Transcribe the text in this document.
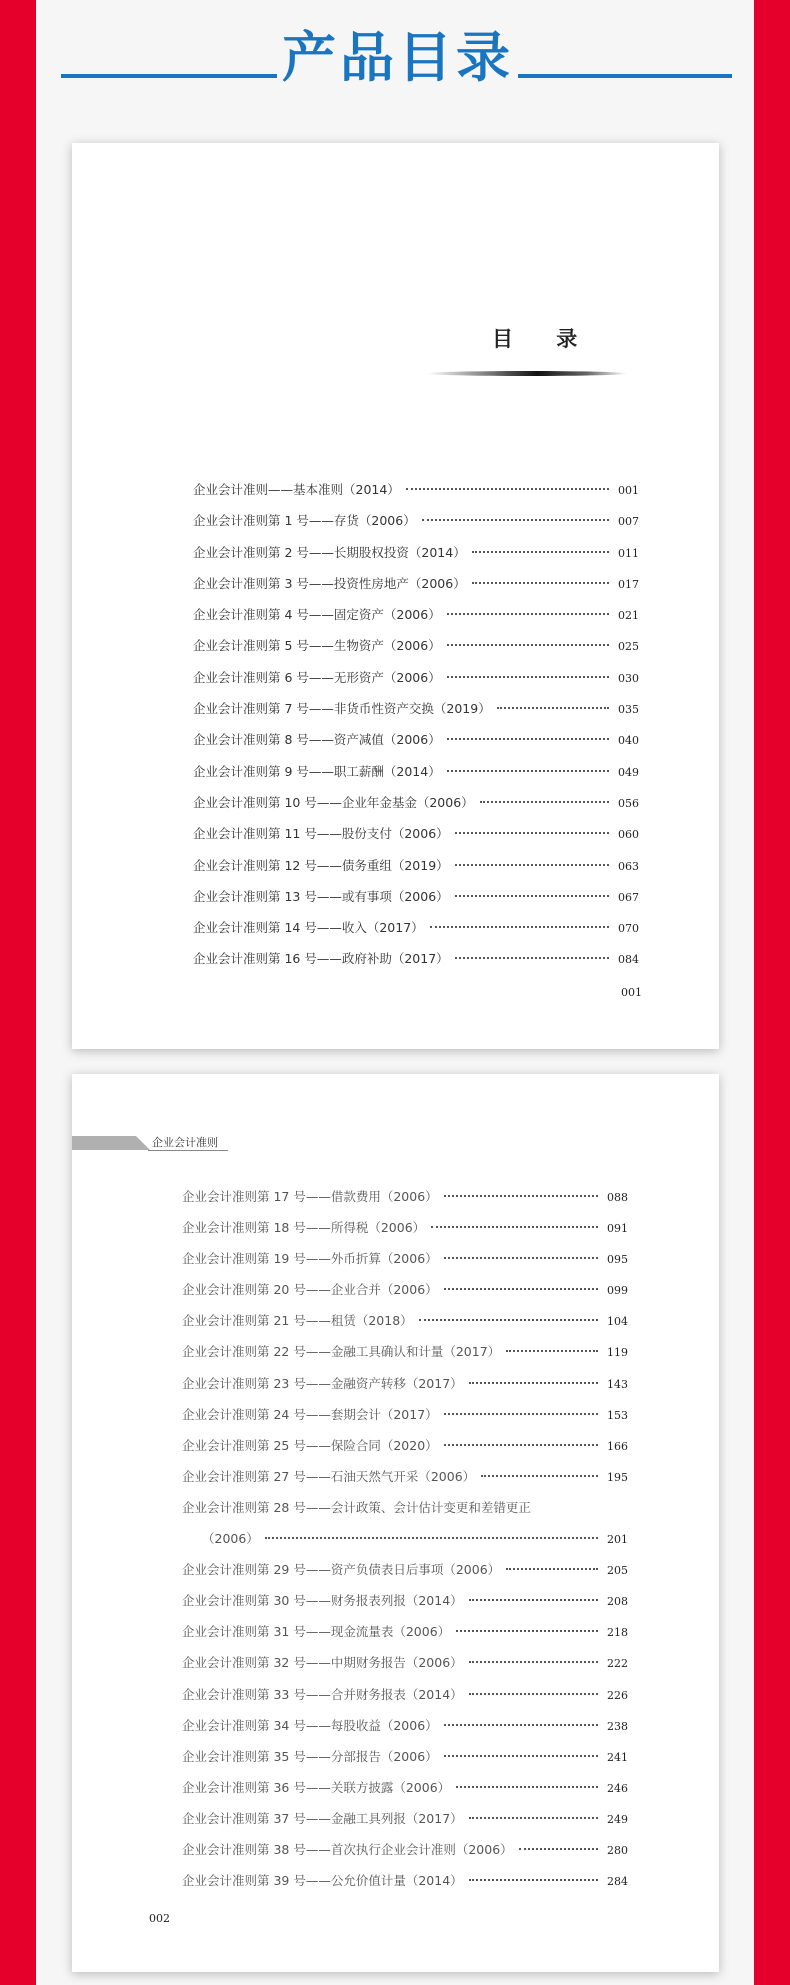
产品目录
目 录
企业会计准则——基本准则（2014）	001
企业会计准则第 1 号——存货（2006）	007
企业会计准则第 2 号——长期股权投资（2014）	011
企业会计准则第 3 号——投资性房地产（2006）	017
企业会计准则第 4 号——固定资产（2006）	021
企业会计准则第 5 号——生物资产（2006）	025
企业会计准则第 6 号——无形资产（2006）	030
企业会计准则第 7 号——非货币性资产交换（2019）	035
企业会计准则第 8 号——资产减值（2006）	040
企业会计准则第 9 号——职工薪酬（2014）	049
企业会计准则第 10 号——企业年金基金（2006）	056
企业会计准则第 11 号——股份支付（2006）	060
企业会计准则第 12 号——债务重组（2019）	063
企业会计准则第 13 号——或有事项（2006）	067
企业会计准则第 14 号——收入（2017）	070
企业会计准则第 16 号——政府补助（2017）	084
001
企业会计准则
企业会计准则第 17 号——借款费用（2006）	088
企业会计准则第 18 号——所得税（2006）	091
企业会计准则第 19 号——外币折算（2006）	095
企业会计准则第 20 号——企业合并（2006）	099
企业会计准则第 21 号——租赁（2018）	104
企业会计准则第 22 号——金融工具确认和计量（2017）	119
企业会计准则第 23 号——金融资产转移（2017）	143
企业会计准则第 24 号——套期会计（2017）	153
企业会计准则第 25 号——保险合同（2020）	166
企业会计准则第 27 号——石油天然气开采（2006）	195
企业会计准则第 28 号——会计政策、会计估计变更和差错更正
（2006）	201
企业会计准则第 29 号——资产负债表日后事项（2006）	205
企业会计准则第 30 号——财务报表列报（2014）	208
企业会计准则第 31 号——现金流量表（2006）	218
企业会计准则第 32 号——中期财务报告（2006）	222
企业会计准则第 33 号——合并财务报表（2014）	226
企业会计准则第 34 号——每股收益（2006）	238
企业会计准则第 35 号——分部报告（2006）	241
企业会计准则第 36 号——关联方披露（2006）	246
企业会计准则第 37 号——金融工具列报（2017）	249
企业会计准则第 38 号——首次执行企业会计准则（2006）	280
企业会计准则第 39 号——公允价值计量（2014）	284
002
